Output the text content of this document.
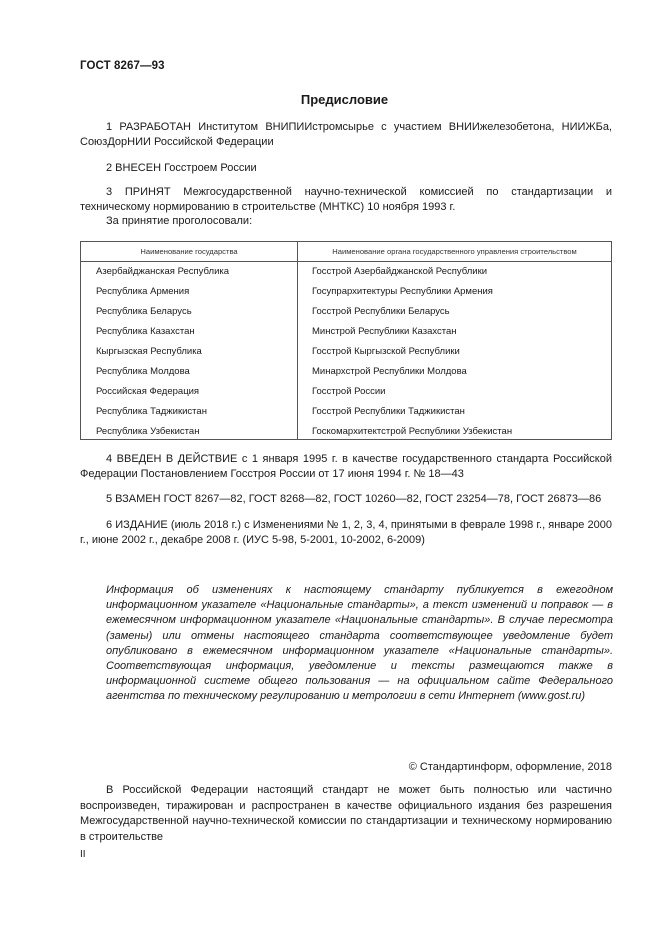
ГОСТ 8267—93
Предисловие
1 РАЗРАБОТАН Институтом ВНИПИИстромсырье с участием ВНИИжелезобетона, НИИЖБа, СоюзДорНИИ Российской Федерации
2 ВНЕСЕН Госстроем России
3 ПРИНЯТ Межгосударственной научно-технической комиссией по стандартизации и техническому нормированию в строительстве (МНТКС) 10 ноября 1993 г.
За принятие проголосовали:
Наименование государства	Наименование органа государственного управления строительством
Азербайджанская Республика	Госстрой Азербайджанской Республики
Республика Армения	Госупрархитектуры Республики Армения
Республика Беларусь	Госстрой Республики Беларусь
Республика Казахстан	Минстрой Республики Казахстан
Кыргызская Республика	Госстрой Кыргызской Республики
Республика Молдова	Минархстрой Республики Молдова
Российская Федерация	Госстрой России
Республика Таджикистан	Госстрой Республики Таджикистан
Республика Узбекистан	Госкомархитектстрой Республики Узбекистан
4 ВВЕДЕН В ДЕЙСТВИЕ с 1 января 1995 г. в качестве государственного стандарта Российской Федерации Постановлением Госстроя России от 17 июня 1994 г. № 18—43
5 ВЗАМЕН ГОСТ 8267—82, ГОСТ 8268—82, ГОСТ 10260—82, ГОСТ 23254—78, ГОСТ 26873—86
6 ИЗДАНИЕ (июль 2018 г.) с Изменениями № 1, 2, 3, 4, принятыми в феврале 1998 г., январе 2000 г., июне 2002 г., декабре 2008 г. (ИУС 5-98, 5-2001, 10-2002, 6-2009)
Информация об изменениях к настоящему стандарту публикуется в ежегодном информационном указателе «Национальные стандарты», а текст изменений и поправок — в ежемесячном информационном указателе «Национальные стандарты». В случае пересмотра (замены) или отмены настоящего стандарта соответствующее уведомление будет опубликовано в ежемесячном информационном указателе «Национальные стандарты». Соответствующая информация, уведомление и тексты размещаются также в информационной системе общего пользования — на официальном сайте Федерального агентства по техническому регулированию и метрологии в сети Интернет (www.gost.ru)
© Стандартинформ, оформление, 2018
В Российской Федерации настоящий стандарт не может быть полностью или частично воспроизведен, тиражирован и распространен в качестве официального издания без разрешения Межгосударственной научно-технической комиссии по стандартизации и техническому нормированию в строительстве
II
